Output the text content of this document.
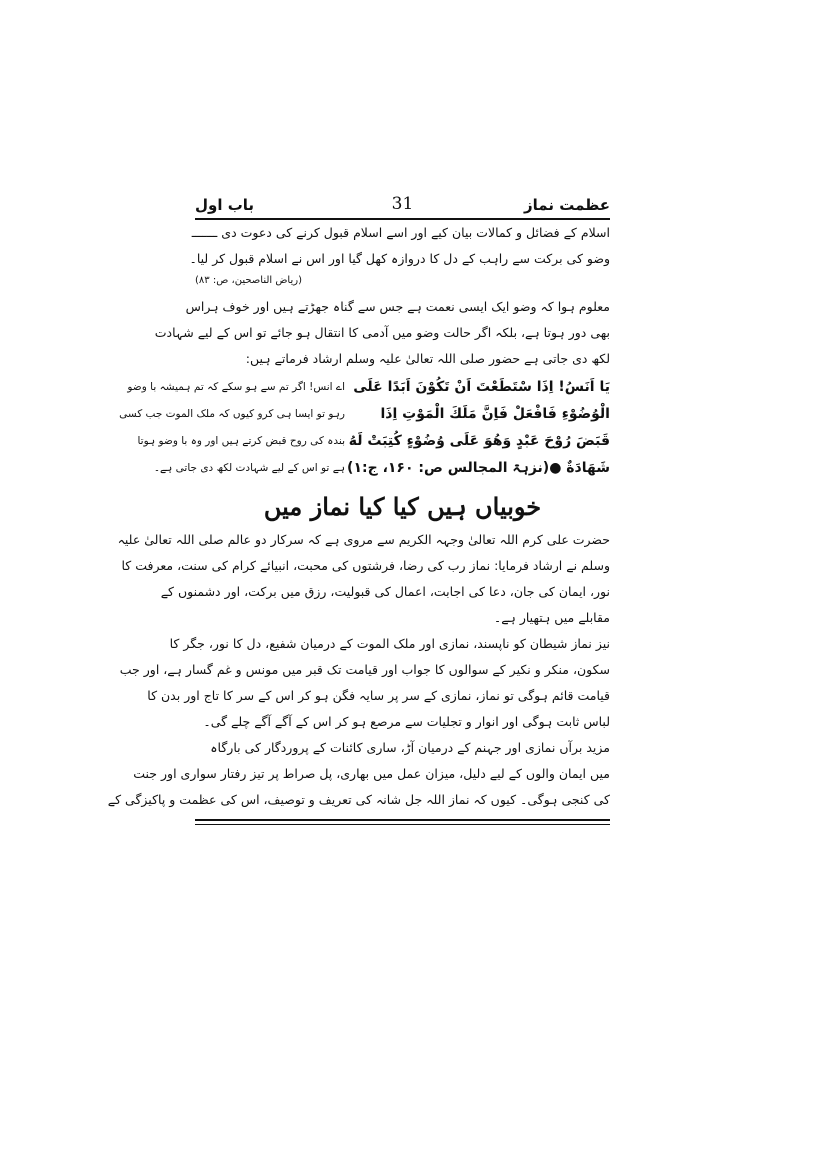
عظمت نماز
31
باب اول
اسلام کے فضائل و کمالات بیان کیے اور اسے اسلام قبول کرنے کی دعوت دی ـــــــ
وضو کی برکت سے راہب کے دل کا دروازہ کھل گیا اور اس نے اسلام قبول کر لیا۔
(ریاض الناصحین، ص: ۸۳)
معلوم ہوا کہ وضو ایک ایسی نعمت ہے جس سے گناہ جھڑتے ہیں اور خوف ہراس
بھی دور ہوتا ہے، بلکہ اگر حالت وضو میں آدمی کا انتقال ہو جائے تو اس کے لیے شہادت
لکھ دی جاتی ہے حضور صلی اللہ تعالیٰ علیہ وسلم ارشاد فرماتے ہیں:
يَا اَنَسُ! اِذَا سْتَطَعْتَ اَنْ تَكُوْنَ اَبَدًا عَلَى
الْوُضُوْءِ فَافْعَلْ فَاِنَّ مَلَكَ الْمَوْتِ اِذَا
قَبَضَ رُوْحَ عَبْدٍ وَهُوَ عَلَى وُضُوْءٍ كُتِبَتْ لَهُ
شَهَادَةٌ ●(نزہۃ المجالس ص: ۱۶۰، ج:۱)
اے انس! اگر تم سے ہو سکے کہ تم ہمیشہ با وضو
رہو تو ایسا ہی کرو کیوں کہ ملک الموت جب کسی
بندہ کی روح قبض کرتے ہیں اور وہ با وضو ہوتا
ہے تو اس کے لیے شہادت لکھ دی جاتی ہے۔
خوبیاں ہیں کیا کیا نماز میں
حضرت علی کرم اللہ تعالیٰ وجہہ الکریم سے مروی ہے کہ سرکار دو عالم صلی اللہ تعالیٰ علیہ
وسلم نے ارشاد فرمایا: نماز رب کی رضا، فرشتوں کی محبت، انبیائے کرام کی سنت، معرفت کا
نور، ایمان کی جان، دعا کی اجابت، اعمال کی قبولیت، رزق میں برکت، اور دشمنوں کے
مقابلے میں ہتھیار ہے۔
نیز نماز شیطان کو ناپسند، نمازی اور ملک الموت کے درمیان شفیع، دل کا نور، جگر کا
سکون، منکر و نکیر کے سوالوں کا جواب اور قیامت تک قبر میں مونس و غم گسار ہے، اور جب
قیامت قائم ہوگی تو نماز، نمازی کے سر پر سایہ فگن ہو کر اس کے سر کا تاج اور بدن کا
لباس ثابت ہوگی اور انوار و تجلیات سے مرصع ہو کر اس کے آگے آگے چلے گی۔
مزید برآں نمازی اور جہنم کے درمیان آڑ، ساری کائنات کے پروردگار کی بارگاہ
میں ایمان والوں کے لیے دلیل، میزان عمل میں بھاری، پل صراط پر تیز رفتار سواری اور جنت
کی کنجی ہوگی۔ کیوں کہ نماز اللہ جل شانہ کی تعریف و توصیف، اس کی عظمت و پاکیزگی کے
